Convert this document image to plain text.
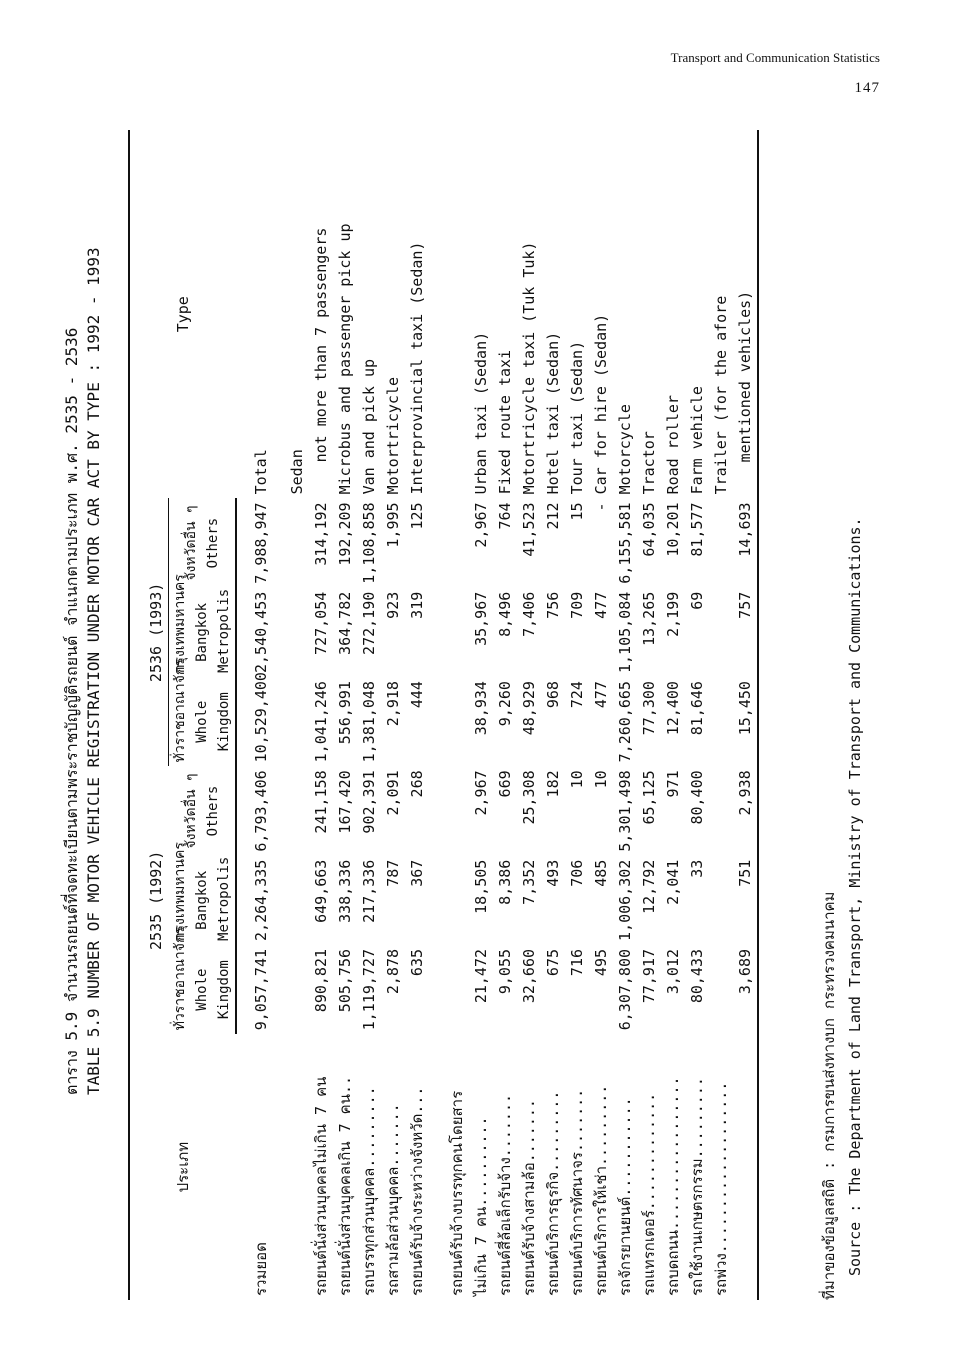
Transport and Communication Statistics
147
ตาราง 5.9 จำนวนรถยนต์ที่จดทะเบียนตามพระราชบัญญัติรถยนต์ จำแนกตามประเภท พ.ศ. 2535 - 2536 TABLE 5.9 NUMBER OF MOTOR VEHICLE REGISTRATION UNDER MOTOR CAR ACT BY TYPE : 1992 - 1993
ประเภท	2535 (1992)			2536 (1993)			Type

	ทั่วราชอาณาจักร Whole Kingdom	กรุงเทพมหานคร Bangkok Metropolis	จังหวัดอื่น ๆ Others	ทั่วราชอาณาจักร Whole Kingdom	กรุงเทพมหานคร Bangkok Metropolis	จังหวัดอื่น ๆ Others	

รวมยอด	9,057,741	2,264,335	6,793,406	10,529,400	2,540,453	7,988,947	Total
							Sedan
รถยนต์นั่งส่วนบุคคลไม่เกิน 7 คน	890,821	649,663	241,158	1,041,246	727,054	314,192	not more than 7 passengers
รถยนต์นั่งส่วนบุคคลเกิน 7 คน..	505,756	338,336	167,420	556,991	364,782	192,209	Microbus and passenger pick up
รถบรรทุกส่วนบุคคล.........	1,119,727	217,336	902,391	1,381,048	272,190	1,108,858	Van and pick up
รถสามล้อส่วนบุคคล.......	2,878	787	2,091	2,918	923	1,995	Motortricycle
รถยนต์รับจ้างระหว่างจังหวัด...	635	367	268	444	319	125	Interprovincial taxi (Sedan)

รถยนต์รับจ้างบรรทุกคนโดยสาร							
ไม่เกิน 7 คน..........	21,472	18,505	2,967	38,934	35,967	2,967	Urban taxi (Sedan)
รถยนต์สี่ล้อเล็กรับจ้าง.......	9,055	8,386	669	9,260	8,496	764	Fixed route taxi
รถยนต์รับจ้างสามล้อ.......	32,660	7,352	25,308	48,929	7,406	41,523	Motortricycle taxi (Tuk Tuk)
รถยนต์บริการธุรกิจ.........	675	493	182	968	756	212	Hotel taxi (Sedan)
รถยนต์บริการทัศนาจร.......	716	706	10	724	709	15	Tour taxi (Sedan)
รถยนต์บริการให้เช่า.........	495	485	10	477	477	-	Car for hire (Sedan)
รถจักรยานยนต์...........	6,307,800	1,006,302	5,301,498	7,260,665	1,105,084	6,155,581	Motorcycle
รถแทรกเตอร์.............	77,917	12,792	65,125	77,300	13,265	64,035	Tractor
รถบดถนน.................	3,012	2,041	971	12,400	2,199	10,201	Road roller
รถใช้งานเกษตรกรรม.........	80,433	33	80,400	81,646	69	81,577	Farm vehicle
รถพ่วง...................							Trailer (for the afore
	3,689	751	2,938	15,450	757	14,693	mentioned vehicles)
ที่มาของข้อมูลสถิติ : กรมการขนส่งทางบก กระทรวงคมนาคม Source : The Department of Land Transport, Ministry of Transport and Communications.
